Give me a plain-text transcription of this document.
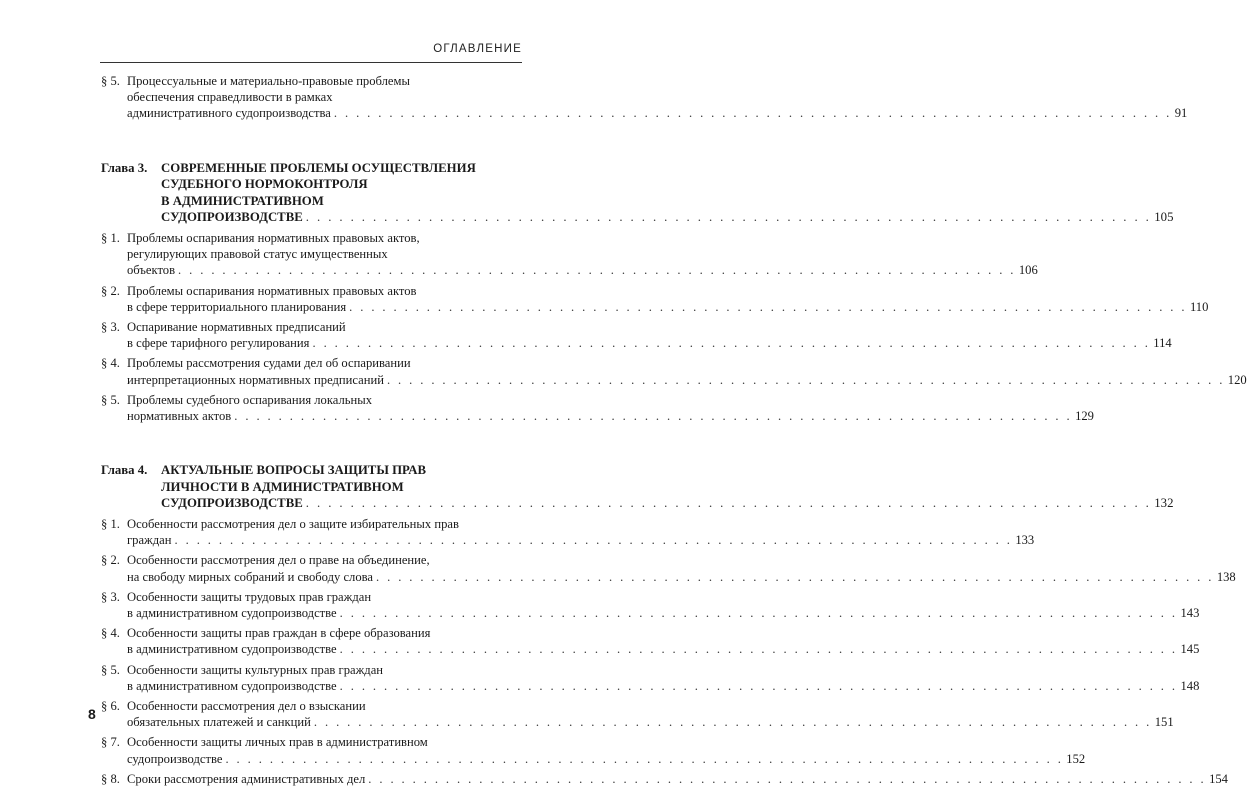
ОГЛАВЛЕНИЕ
§ 5. Процессуальные и материально-правовые проблемы
обеспечения справедливости в рамках
административного судопроизводства . . .	91
Глава 3.	СОВРЕМЕННЫЕ ПРОБЛЕМЫ ОСУЩЕСТВЛЕНИЯ
СУДЕБНОГО НОРМОКОНТРОЛЯ
В АДМИНИСТРАТИВНОМ СУДОПРОИЗВОДСТВЕ . . .	105
§ 1. Проблемы оспаривания нормативных правовых актов,
регулирующих правовой статус имущественных
объектов . . .	106
§ 2. Проблемы оспаривания нормативных правовых актов
в сфере территориального планирования . . .	110
§ 3. Оспаривание нормативных предписаний
в сфере тарифного регулирования . . .	114
§ 4. Проблемы рассмотрения судами дел об оспаривании
интерпретационных нормативных предписаний . . .	120
§ 5. Проблемы судебного оспаривания локальных
нормативных актов . . .	129
Глава 4.	АКТУАЛЬНЫЕ ВОПРОСЫ ЗАЩИТЫ ПРАВ
ЛИЧНОСТИ В АДМИНИСТРАТИВНОМ
СУДОПРОИЗВОДСТВЕ . . .	132
§ 1. Особенности рассмотрения дел о защите избирательных прав
граждан . . .	133
§ 2. Особенности рассмотрения дел о праве на объединение,
на свободу мирных собраний и свободу слова . . .	138
§ 3. Особенности защиты трудовых прав граждан
в административном судопроизводстве . . .	143
§ 4. Особенности защиты прав граждан в сфере образования
в административном судопроизводстве . . .	145
§ 5. Особенности защиты культурных прав граждан
в административном судопроизводстве . . .	148
§ 6. Особенности рассмотрения дел о взыскании
обязательных платежей и санкций . . .	151
§ 7. Особенности защиты личных прав в административном
судопроизводстве . . .	152
§ 8. Сроки рассмотрения административных дел . . .	154
8
